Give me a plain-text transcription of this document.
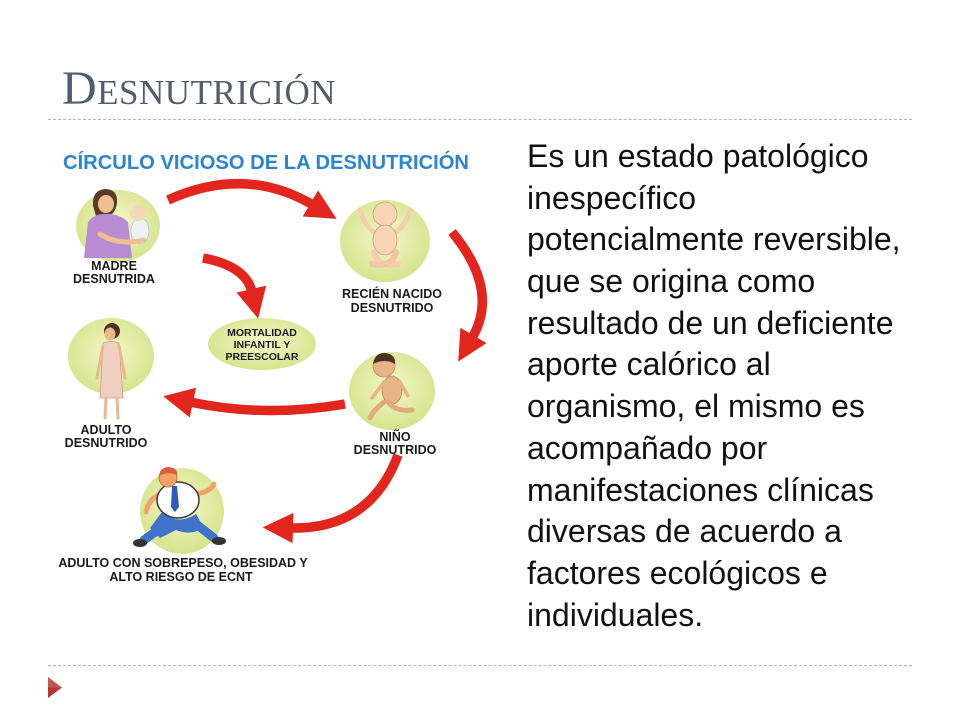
DESNUTRICIÓN
CÍRCULO VICIOSO DE LA DESNUTRICIÓN
MADRE
DESNUTRIDA
RECIÉN NACIDO
DESNUTRIDO
MORTALIDAD
INFANTIL Y
PREESCOLAR
ADULTO
DESNUTRIDO	NIÑO
DESNUTRIDO
ADULTO CON SOBREPESO, OBESIDAD Y
ALTO RIESGO DE ECNT
Es un estado patológico
inespecífico
potencialmente reversible,
que se origina como
resultado de un deficiente
aporte calórico al
organismo, el mismo es
acompañado por
manifestaciones clínicas
diversas de acuerdo a
factores ecológicos e
individuales.
